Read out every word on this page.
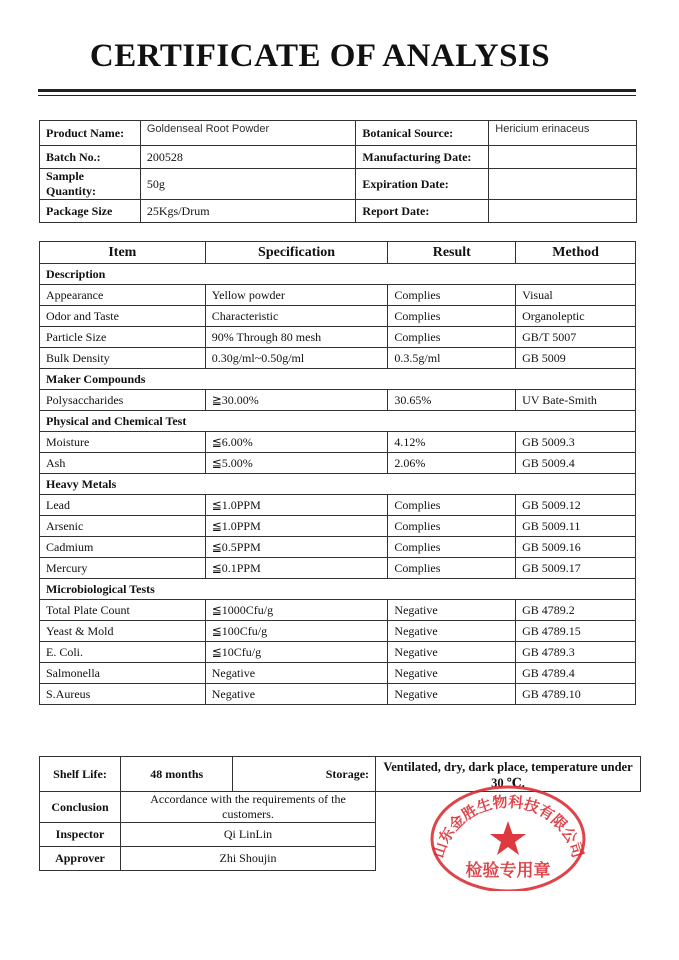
CERTIFICATE OF ANALYSIS
Product Name:	Goldenseal Root Powder	Botanical Source:	Hericium erinaceus
Batch No.:	200528	Manufacturing Date:	
Sample Quantity:	50g	Expiration Date:	
Package Size	25Kgs/Drum	Report Date:	
Item	Specification	Result	Method
Description			
Appearance	Yellow powder	Complies	Visual
Odor and Taste	Characteristic	Complies	Organoleptic
Particle Size	90% Through 80 mesh	Complies	GB/T 5007
Bulk Density	0.30g/ml~0.50g/ml	0.3.5g/ml	GB 5009
Maker Compounds			
Polysaccharides	≧30.00%	30.65%	UV Bate-Smith
Physical and Chemical Test			
Moisture	≦6.00%	4.12%	GB 5009.3
Ash	≦5.00%	2.06%	GB 5009.4
Heavy Metals			
Lead	≦1.0PPM	Complies	GB 5009.12
Arsenic	≦1.0PPM	Complies	GB 5009.11
Cadmium	≦0.5PPM	Complies	GB 5009.16
Mercury	≦0.1PPM	Complies	GB 5009.17
Microbiological Tests			
Total Plate Count	≦1000Cfu/g	Negative	GB 4789.2
Yeast & Mold	≦100Cfu/g	Negative	GB 4789.15
E. Coli.	≦10Cfu/g	Negative	GB 4789.3
Salmonella	Negative	Negative	GB 4789.4
S.Aureus	Negative	Negative	GB 4789.10
Shelf Life:	48 months	Storage:	Ventilated, dry, dark place, temperature under 30 ℃.
Conclusion	Accordance with the requirements of the customers.		
Inspector	Qi LinLin		
Approver	Zhi Shoujin			山东金胜生物科技有限公司
检验专用章
